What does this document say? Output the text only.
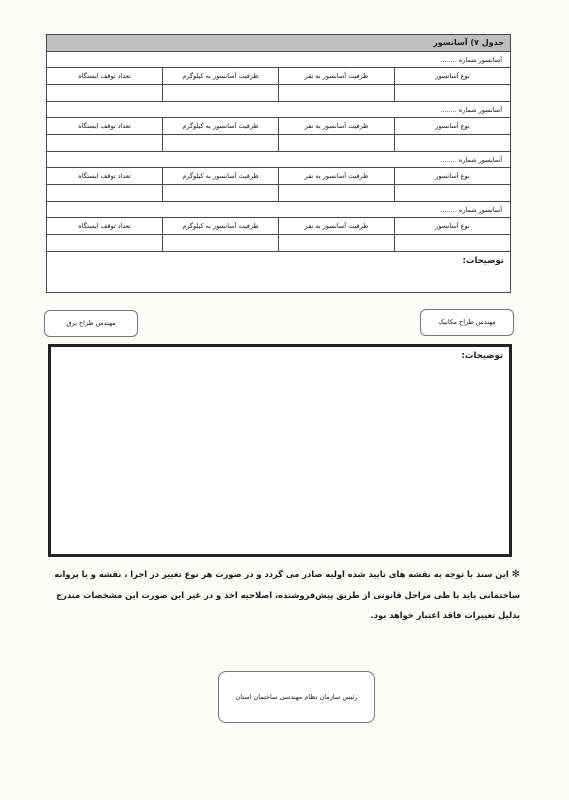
جدول ۷) آسانسور
آسانسور شماره ........
نوع آسانسور
ظرفیت آسانسور به نفر
ظرفیت آسانسور به کیلوگرم
تعداد توقف ایستگاه
آسانسور شماره ........
نوع آسانسور
ظرفیت آسانسور به نفر
ظرفیت آسانسور به کیلوگرم
تعداد توقف ایستگاه
آسانسور شماره ........
نوع آسانسور
ظرفیت آسانسور به نفر
ظرفیت آسانسور به کیلوگرم
تعداد توقف ایستگاه
آسانسور شماره ........
نوع آسانسور
ظرفیت آسانسور به نفر
ظرفیت آسانسور به کیلوگرم
تعداد توقف ایستگاه
توضیحات:
مهندس طراح مکانیک
مهندس طراح برق
توضیحات:
✻ این سند با توجه به نقشه های تایید شده اولیه صادر می گردد و در صورت هر نوع تغییر در اجرا ، نقشه و یا پروانه ساختمانی باید با طی مراحل قانونی از طریق پیش‌فروشنده، اصلاحیه اخذ و در غیر این صورت این مشخصات مندرج بدلیل تغییرات فاقد اعتبار خواهد بود.
رئیس سازمان نظام مهندسی ساختمان استان
